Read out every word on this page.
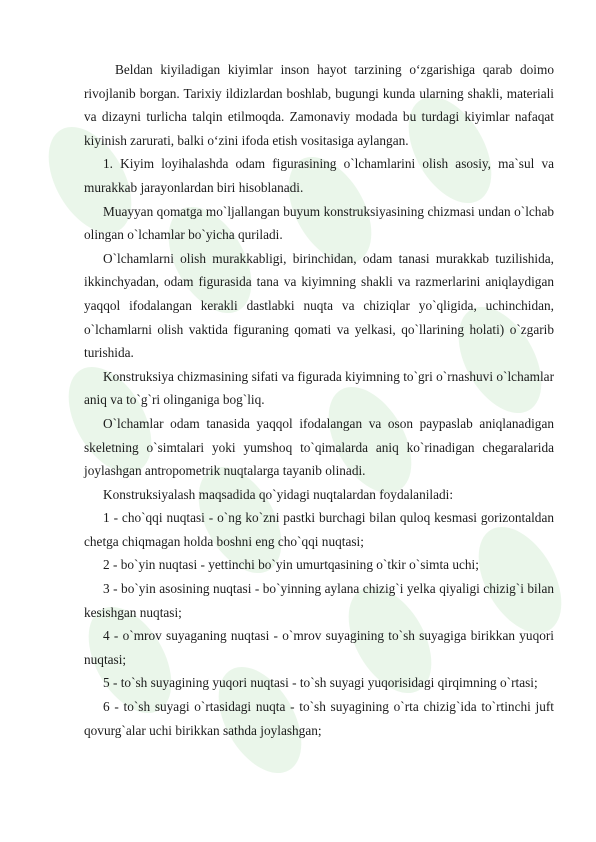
Beldan kiyiladigan kiyimlar inson hayot tarzining o‘zgarishiga qarab doimo rivojlanib borgan. Tarixiy ildizlardan boshlab, bugungi kunda ularning shakli, materiali va dizayni turlicha talqin etilmoqda. Zamonaviy modada bu turdagi kiyimlar nafaqat kiyinish zarurati, balki o‘zini ifoda etish vositasiga aylangan.

1. Kiyim loyihalashda odam figurasining o`lchamlarini olish asosiy, ma`sul va murakkab jarayonlardan biri hisoblanadi.

Muayyan qomatga mo`ljallangan buyum konstruksiyasining chizmasi undan o`lchab olingan o`lchamlar bo`yicha quriladi.

O`lchamlarni olish murakkabligi, birinchidan, odam tanasi murakkab tuzilishida, ikkinchyadan, odam figurasida tana va kiyimning shakli va razmerlarini aniqlaydigan yaqqol ifodalangan kerakli dastlabki nuqta va chiziqlar yo`qligida, uchinchidan, o`lchamlarni olish vaktida figuraning qomati va yelkasi, qo`llarining holati) o`zgarib turishida.

Konstruksiya chizmasining sifati va figurada kiyimning to`gri o`rnashuvi o`lchamlar aniq va to`g`ri olinganiga bog`liq.

O`lchamlar odam tanasida yaqqol ifodalangan va oson paypaslab aniqlanadigan skeletning o`simtalari yoki yumshoq to`qimalarda aniq ko`rinadigan chegaralarida joylashgan antropometrik nuqtalarga tayanib olinadi.

Konstruksiyalash maqsadida qo`yidagi nuqtalardan foydalaniladi:

1 - cho`qqi nuqtasi - o`ng ko`zni pastki burchagi bilan quloq kesmasi gorizontaldan chetga chiqmagan holda boshni eng cho`qqi nuqtasi;

2 - bo`yin nuqtasi - yettinchi bo`yin umurtqasining o`tkir o`simta uchi;

3 - bo`yin asosining nuqtasi - bo`yinning aylana chizig`i yelka qiyaligi chizig`i bilan kesishgan nuqtasi;

4 - o`mrov suyaganing nuqtasi - o`mrov suyagining to`sh suyagiga birikkan yuqori nuqtasi;

5 - to`sh suyagining yuqori nuqtasi - to`sh suyagi yuqorisidagi qirqimning o`rtasi;

6 - to`sh suyagi o`rtasidagi nuqta - to`sh suyagining o`rta chizig`ida to`rtinchi juft qovurg`alar uchi birikkan sathda joylashgan;
